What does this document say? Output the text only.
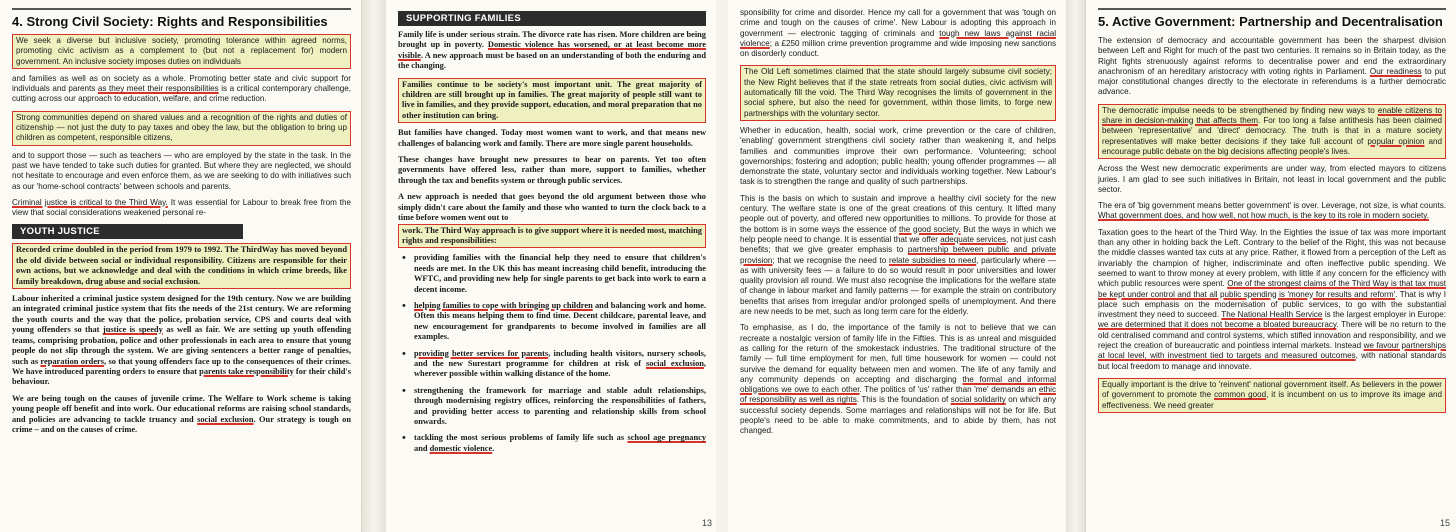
4. Strong Civil Society: Rights and Responsibilities

We seek a diverse but inclusive society, promoting tolerance within agreed norms, promoting civic activism as a complement to (but not a replacement for) modern government. An inclusive society imposes duties on individuals

and families as well as on society as a whole. Promoting better state and civic support for individuals and parents as they meet their responsibilities is a critical contemporary challenge, cutting across our approach to education, welfare, and crime reduction.

Strong communities depend on shared values and a recognition of the rights and duties of citizenship — not just the duty to pay taxes and obey the law, but the obligation to bring up children as competent, responsible citizens,

and to support those — such as teachers — who are employed by the state in the task. In the past we have tended to take such duties for granted. But where they are neglected, we should not hesitate to encourage and even enforce them, as we are seeking to do with initiatives such as our 'home-school contracts' between schools and parents.

Criminal justice is critical to the Third Way. It was essential for Labour to break free from the view that social considerations weakened personal re-

YOUTH JUSTICE

Recorded crime doubled in the period from 1979 to 1992. The ThirdWay has moved beyond the old divide between social or individual responsibility. Citizens are responsible for their own actions, but we acknowledge and deal with the conditions in which crime breeds, like family breakdown, drug abuse and social exclusion.

Labour inherited a criminal justice system designed for the 19th century. Now we are building an integrated criminal justice system that fits the needs of the 21st century. We are reforming the youth courts and the way that the police, probation service, CPS and courts deal with young offenders so that justice is speedy as well as fair. We are setting up youth offending teams, comprising probation, police and other professionals in each area to ensure that young people do not slip through the system. We are giving sentencers a better range of penalties, such as reparation orders, so that young offenders face up to the consequences of their crimes. We have introduced parenting orders to ensure that parents take responsibility for their child's behaviour.

We are being tough on the causes of juvenile crime. The Welfare to Work scheme is taking young people off benefit and into work. Our educational reforms are raising school standards, and policies are advancing to tackle truancy and social exclusion. Our strategy is tough on crime – and on the causes of crime.

SUPPORTING FAMILIES

Family life is under serious strain. The divorce rate has risen. More children are being brought up in poverty. Domestic violence has worsened, or at least become more visible. A new approach must be based on an understanding of both the enduring and the changing.

Families continue to be society's most important unit. The great majority of children are still brought up in families. The great majority of people still want to live in families, and they provide support, education, and moral preparation that no other institution can bring.

But families have changed. Today most women want to work, and that means new challenges of balancing work and family. There are more single parent households.

These changes have brought new pressures to bear on parents. Yet too often governments have offered less, rather than more, support to families, whether through the tax and benefits system or through public services.

A new approach is needed that goes beyond the old argument between those who simply didn't care about the family and those who wanted to turn the clock back to a time before women went out to

work. The Third Way approach is to give support where it is needed most, matching rights and responsibilities:

• providing families with the financial help they need to ensure that children's needs are met. In the UK this has meant increasing child benefit, introducing the WFTC, and providing new help for single parents to get back into work to earn a decent income.
• helping families to cope with bringing up children and balancing work and home. Often this means helping them to find time. Decent childcare, parental leave, and new encouragement for grandparents to become involved in families are all examples.
• providing better services for parents, including health visitors, nursery schools, and the new Surestart programme for children at risk of social exclusion, wherever possible within walking distance of the home.
• strengthening the framework for marriage and stable adult relationships, through modernising registry offices, reinforcing the responsibilities of fathers, and providing better access to parenting and relationship skills from school onwards.
• tackling the most serious problems of family life such as school age pregnancy and domestic violence.
13

sponsibility for crime and disorder. Hence my call for a government that was 'tough on crime and tough on the causes of crime'. New Labour is adopting this approach in government — electronic tagging of criminals and tough new laws against racial violence; a £250 million crime prevention programme and wide imposing new sanctions on disorderly conduct.

The Old Left sometimes claimed that the state should largely subsume civil society; the New Right believes that if the state retreats from social duties, civic activism will automatically fill the void. The Third Way recognises the limits of government in the social sphere, but also the need for government, within those limits, to forge new partnerships with the voluntary sector.

Whether in education, health, social work, crime prevention or the care of children, 'enabling' government strengthens civil society rather than weakening it, and helps families and communities improve their own performance. Volunteering; school governorships; fostering and adoption; public health; young offender programmes — all demonstrate the state, voluntary sector and individuals working together. New Labour's task is to strengthen the range and quality of such partnerships.

This is the basis on which to sustain and improve a healthy civil society for the new century. The welfare state is one of the great creations of this century. It lifted many people out of poverty, and offered new opportunities to millions. To provide for those at the bottom is in some ways the essence of the good society. But the ways in which we help people need to change. It is essential that we offer adequate services, not just cash benefits; that we give greater emphasis to partnership between public and private provision; that we recognise the need to relate subsidies to need, particularly where — as with university fees — a failure to do so would result in poor universities and lower quality provision all round. We must also recognise the implications for the welfare state of change in labour market and family patterns — for example the strain on contributory benefits that arises from irregular and/or prolonged spells of unemployment. And there are new needs to be met, such as long term care for the elderly.

To emphasise, as I do, the importance of the family is not to believe that we can recreate a nostalgic version of family life in the Fifties. This is as unreal and misguided as calling for the return of the smokestack industries. The traditional structure of the family — full time employment for men, full time housework for women — could not survive the demand for equality between men and women. The life of any family and any community depends on accepting and discharging the formal and informal obligations we owe to each other. The politics of 'us' rather than 'me' demands an ethic of responsibility as well as rights. This is the foundation of social solidarity on which any successful society depends. Some marriages and relationships will not be for life. But people's need to be able to make commitments, and to abide by them, has not changed.

5. Active Government: Partnership and Decentralisation

The extension of democracy and accountable government has been the sharpest division between Left and Right for much of the past two centuries. It remains so in Britain today, as the Right fights strenuously against reforms to decentralise power and end the extraordinary anachronism of an hereditary aristocracy with voting rights in Parliament. Our readiness to put major constitutional changes directly to the electorate in referendums is a further democratic advance.

The democratic impulse needs to be strengthened by finding new ways to enable citizens to share in decision-making that affects them. For too long a false antithesis has been claimed between 'representative' and 'direct' democracy. The truth is that in a mature society representatives will make better decisions if they take full account of popular opinion and encourage public debate on the big decisions affecting people's lives.

Across the West new democratic experiments are under way, from elected mayors to citizens juries. I am glad to see such initiatives in Britain, not least in local government and the public sector.

The era of 'big government means better government' is over. Leverage, not size, is what counts. What government does, and how well, not how much, is the key to its role in modern society.

Taxation goes to the heart of the Third Way. In the Eighties the issue of tax was more important than any other in holding back the Left. Contrary to the belief of the Right, this was not because the middle classes wanted tax cuts at any price. Rather, it flowed from a perception of the Left as invariably the champion of higher, indiscriminate and often ineffective public spending. We seemed to want to throw money at every problem, with little if any concern for the efficiency with which public resources were spent. One of the strongest claims of the Third Way is that tax must be kept under control and that all public spending is 'money for results and reform'. That is why I place such emphasis on the modernisation of public services, to go with the substantial investment they need to succeed. The National Health Service is the largest employer in Europe: we are determined that it does not become a bloated bureaucracy. There will be no return to the old centralised command and control systems, which stifled innovation and responsibility, and we reject the creation of bureaucratic and pointless internal markets. Instead we favour partnerships at local level, with investment tied to targets and measured outcomes, with national standards but local freedom to manage and innovate.

Equally important is the drive to 'reinvent' national government itself. As believers in the power of government to promote the common good, it is incumbent on us to improve its image and effectiveness. We need greater

15
